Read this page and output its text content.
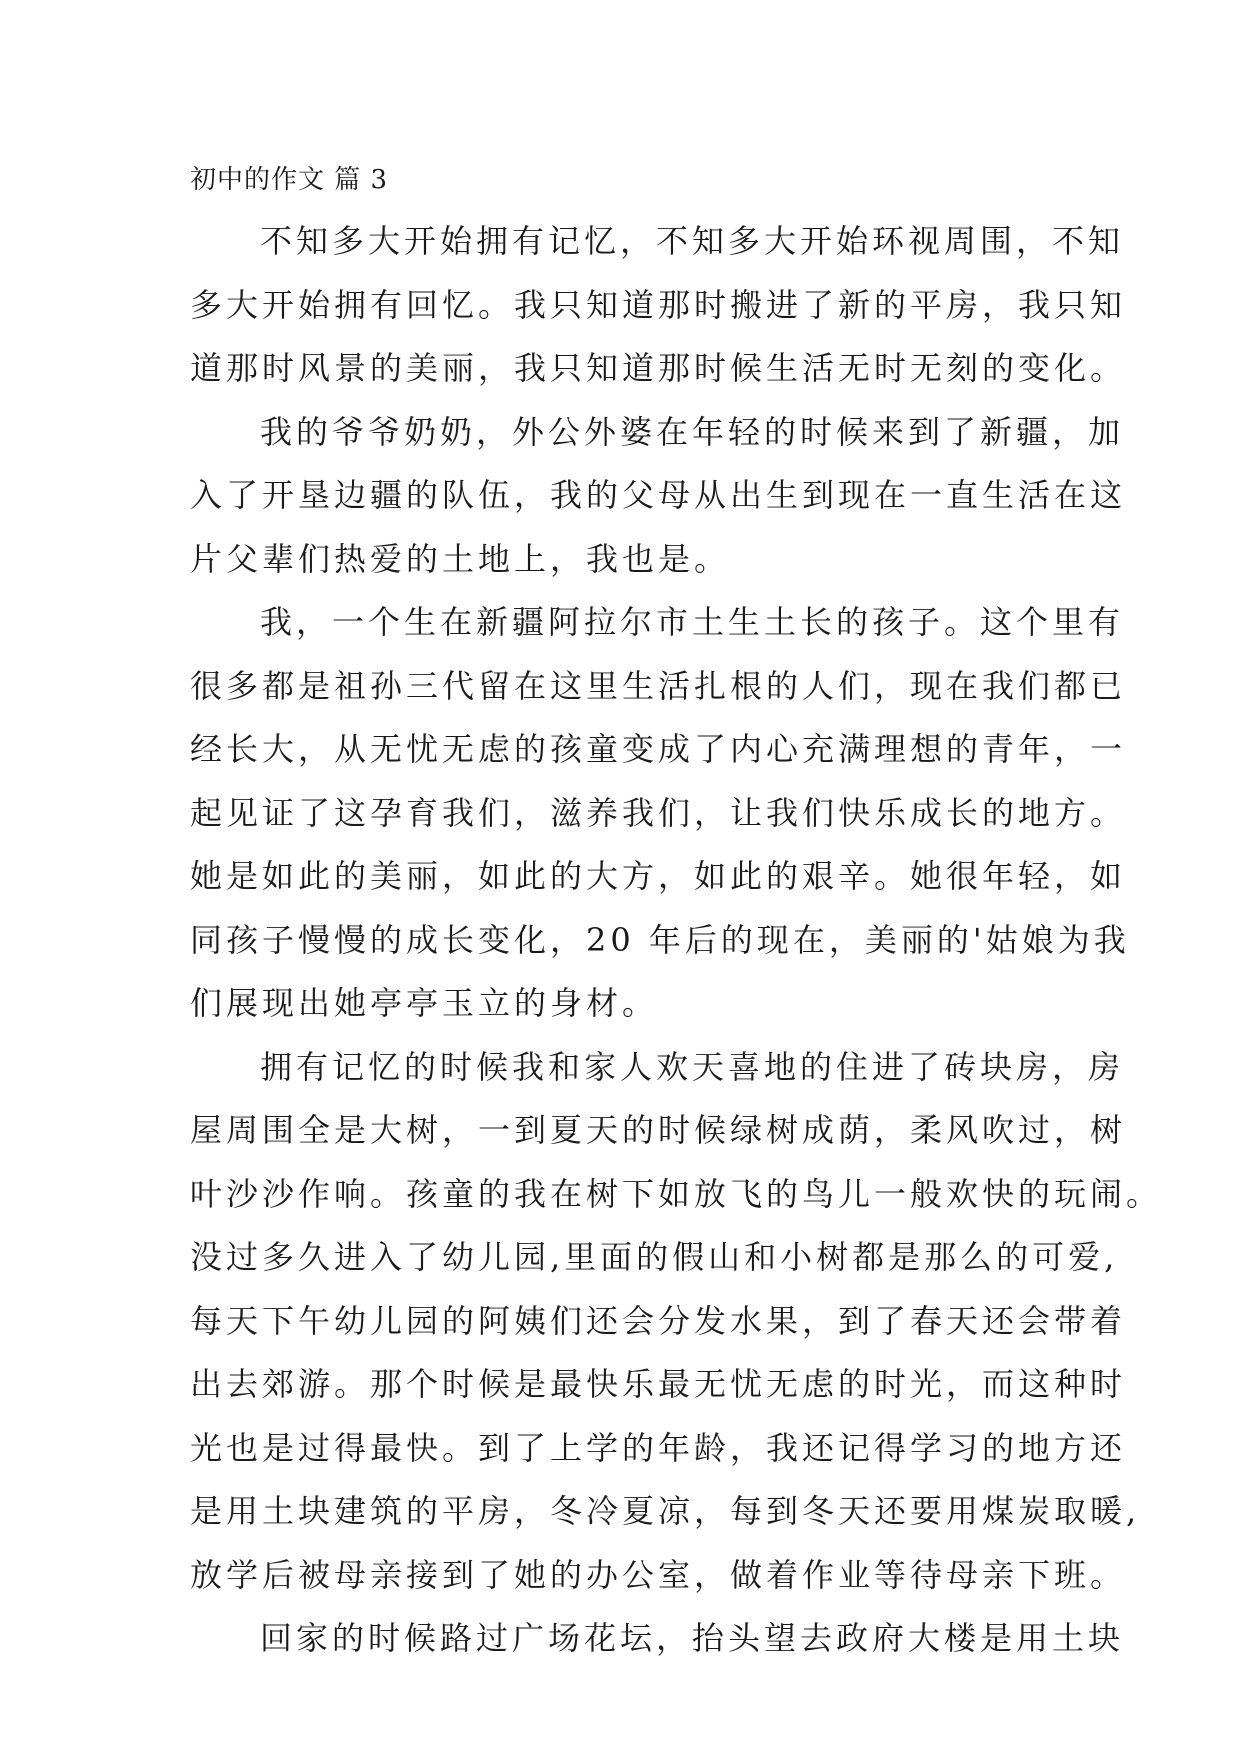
初中的作文 篇 3
不知多大开始拥有记忆，不知多大开始环视周围，不知
多大开始拥有回忆。我只知道那时搬进了新的平房，我只知
道那时风景的美丽，我只知道那时候生活无时无刻的变化。
我的爷爷奶奶，外公外婆在年轻的时候来到了新疆，加
入了开垦边疆的队伍，我的父母从出生到现在一直生活在这
片父辈们热爱的土地上，我也是。
我，一个生在新疆阿拉尔市土生土长的孩子。这个里有
很多都是祖孙三代留在这里生活扎根的人们，现在我们都已
经长大，从无忧无虑的孩童变成了内心充满理想的青年，一
起见证了这孕育我们，滋养我们，让我们快乐成长的地方。
她是如此的美丽，如此的大方，如此的艰辛。她很年轻，如
同孩子慢慢的成长变化，20 年后的现在，美丽的'姑娘为我
们展现出她亭亭玉立的身材。
拥有记忆的时候我和家人欢天喜地的住进了砖块房，房
屋周围全是大树，一到夏天的时候绿树成荫，柔风吹过，树
叶沙沙作响。孩童的我在树下如放飞的鸟儿一般欢快的玩闹。
没过多久进入了幼儿园,里面的假山和小树都是那么的可爱,
每天下午幼儿园的阿姨们还会分发水果，到了春天还会带着
出去郊游。那个时候是最快乐最无忧无虑的时光，而这种时
光也是过得最快。到了上学的年龄，我还记得学习的地方还
是用土块建筑的平房，冬冷夏凉，每到冬天还要用煤炭取暖,
放学后被母亲接到了她的办公室，做着作业等待母亲下班。
回家的时候路过广场花坛，抬头望去政府大楼是用土块
